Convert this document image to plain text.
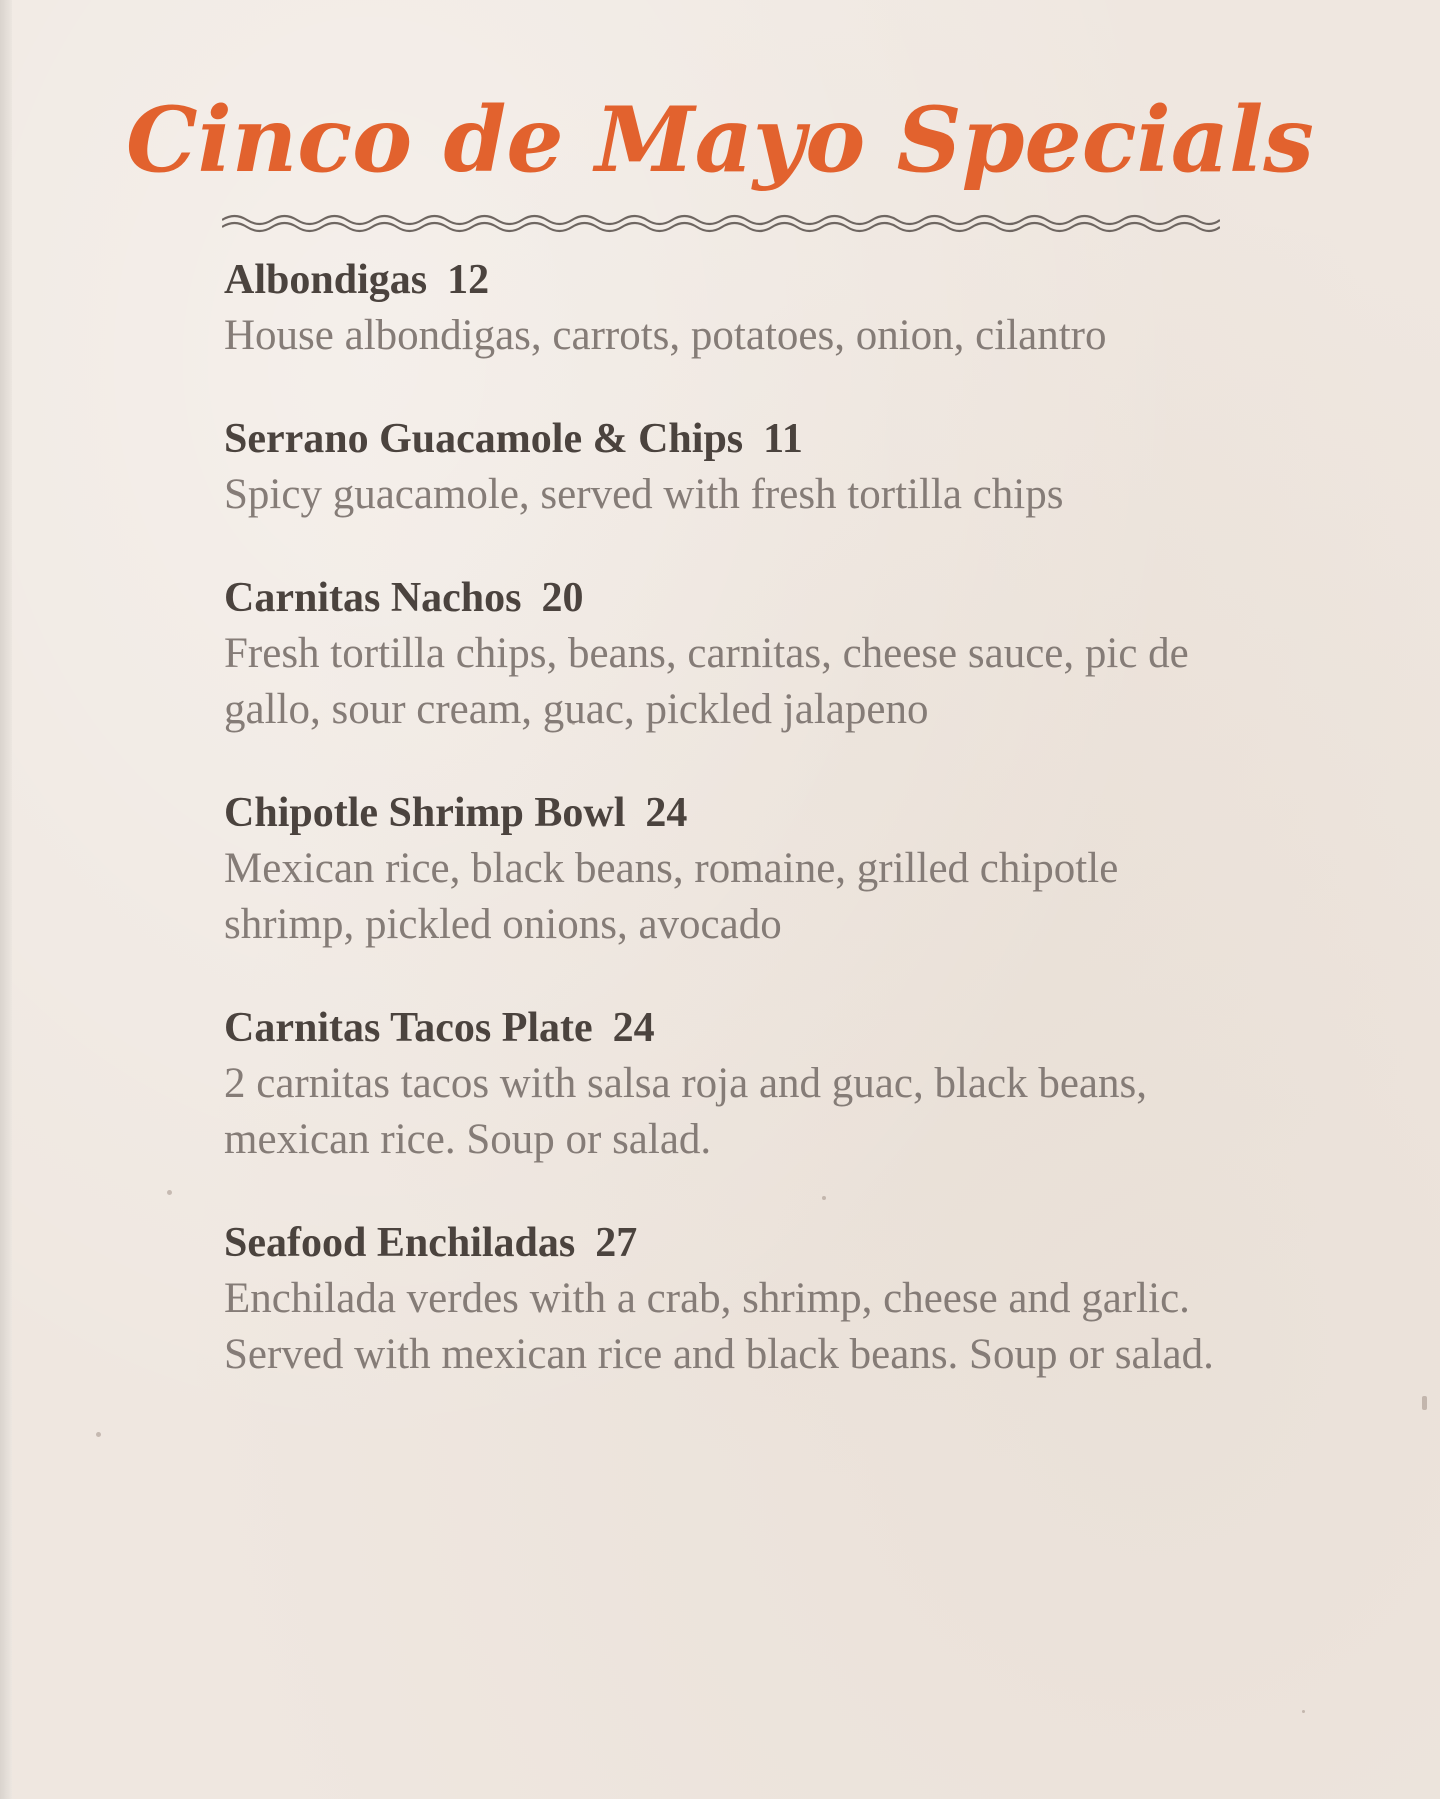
Cinco de Mayo Specials
Albondigas 12
House albondigas, carrots, potatoes, onion, cilantro
Serrano Guacamole & Chips 11
Spicy guacamole, served with fresh tortilla chips
Carnitas Nachos 20
Fresh tortilla chips, beans, carnitas, cheese sauce, pic de gallo, sour cream, guac, pickled jalapeno
Chipotle Shrimp Bowl 24
Mexican rice, black beans, romaine, grilled chipotle shrimp, pickled onions, avocado
Carnitas Tacos Plate 24
2 carnitas tacos with salsa roja and guac, black beans, mexican rice. Soup or salad.
Seafood Enchiladas 27
Enchilada verdes with a crab, shrimp, cheese and garlic. Served with mexican rice and black beans. Soup or salad.
